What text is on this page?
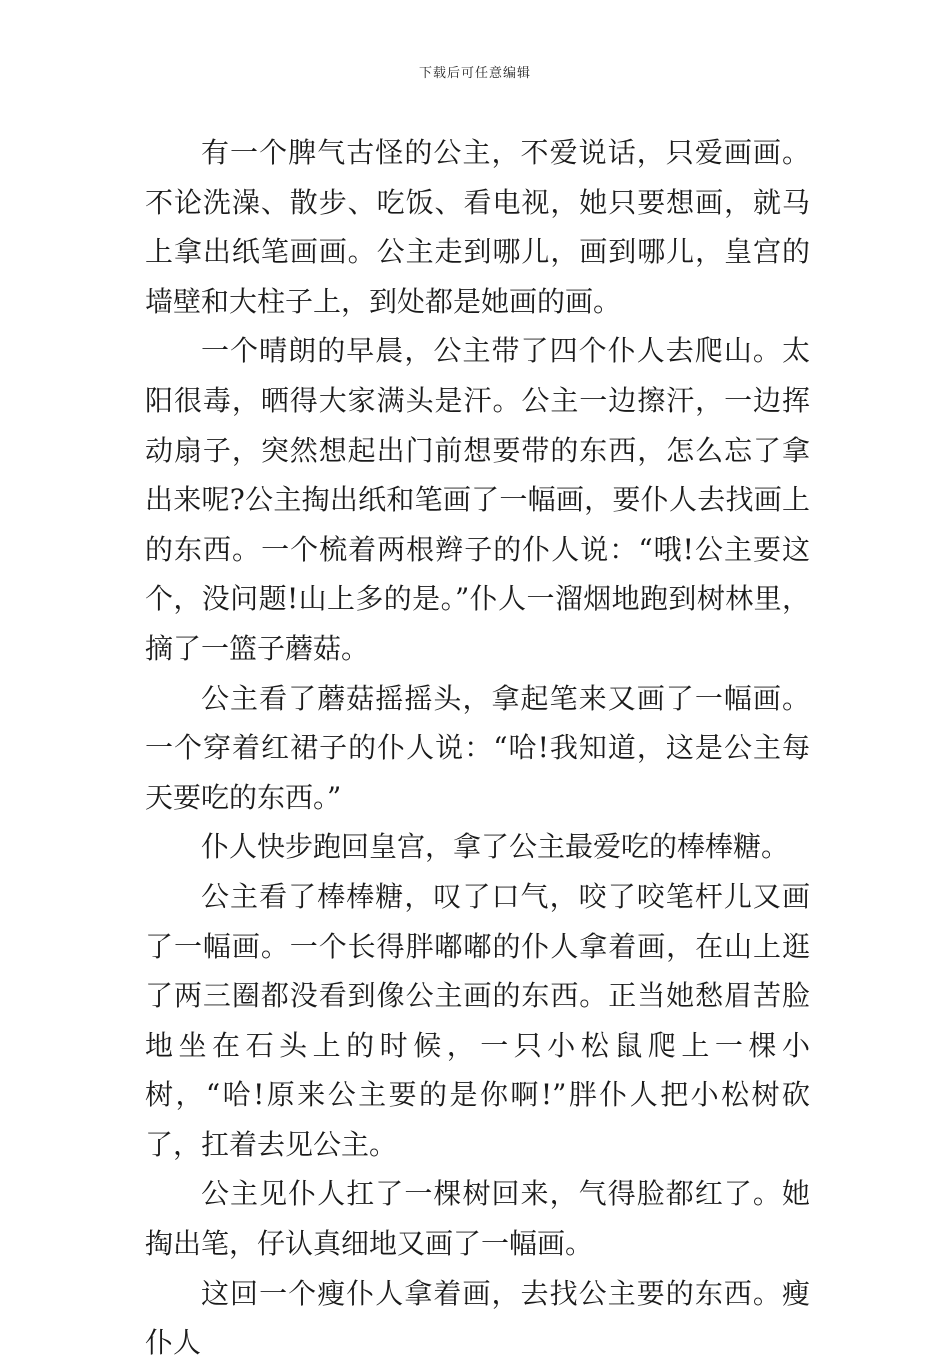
下载后可任意编辑

有一个脾气古怪的公主，不爱说话，只爱画画。不论洗澡、散步、吃饭、看电视，她只要想画，就马上拿出纸笔画画。公主走到哪儿，画到哪儿，皇宫的墙壁和大柱子上，到处都是她画的画。

一个晴朗的早晨，公主带了四个仆人去爬山。太阳很毒，晒得大家满头是汗。公主一边擦汗，一边挥动扇子，突然想起出门前想要带的东西，怎么忘了拿出来呢?公主掏出纸和笔画了一幅画，要仆人去找画上的东西。一个梳着两根辫子的仆人说：“哦!公主要这个，没问题!山上多的是。”仆人一溜烟地跑到树林里，摘了一篮子蘑菇。

公主看了蘑菇摇摇头，拿起笔来又画了一幅画。一个穿着红裙子的仆人说：“哈!我知道，这是公主每天要吃的东西。”

仆人快步跑回皇宫，拿了公主最爱吃的棒棒糖。

公主看了棒棒糖，叹了口气，咬了咬笔杆儿又画了一幅画。一个长得胖嘟嘟的仆人拿着画，在山上逛了两三圈都没看到像公主画的东西。正当她愁眉苦脸地坐在石头上的时候，一只小松鼠爬上一棵小树，“哈!原来公主要的是你啊!”胖仆人把小松树砍了，扛着去见公主。

公主见仆人扛了一棵树回来，气得脸都红了。她掏出笔，仔认真细地又画了一幅画。

这回一个瘦仆人拿着画，去找公主要的东西。瘦仆人
